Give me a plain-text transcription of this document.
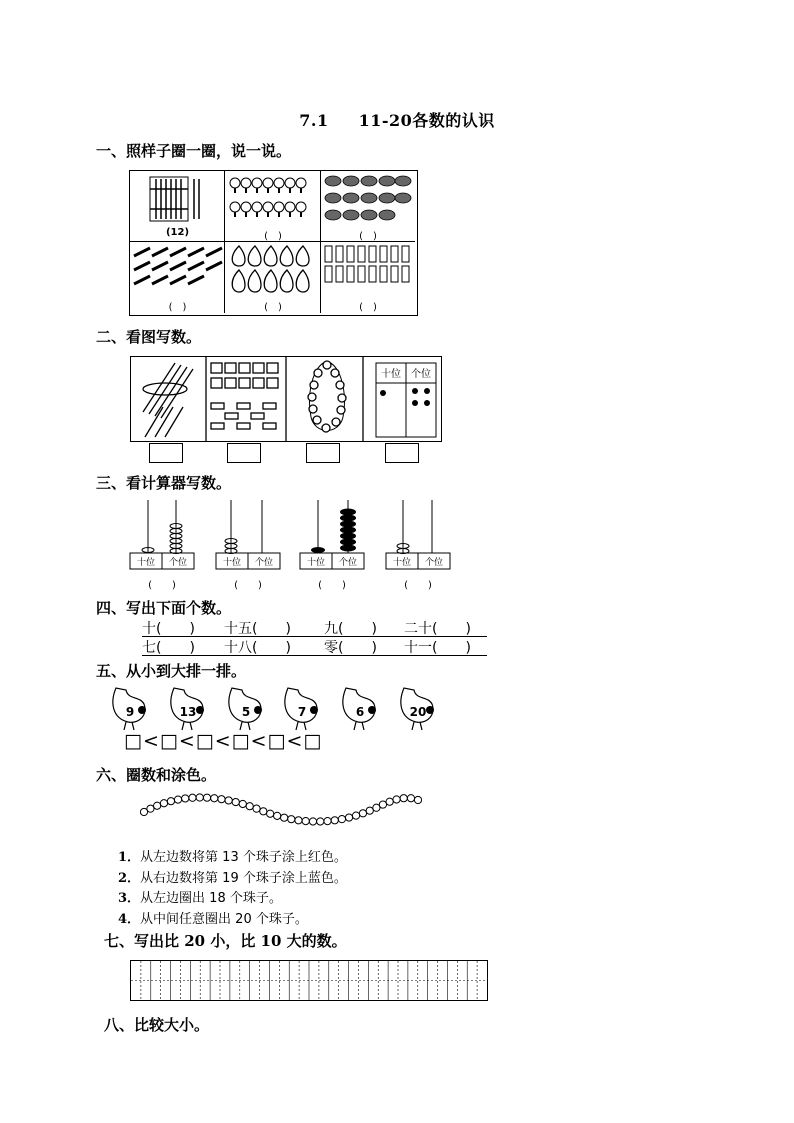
7.1 11-20各数的认识
一、照样子圈一圈，说一说。
(12)	(　)	(　)
(　)	(　)	(　)
二、看图写数。
十位 个位
三、看计算器写数。
十位 个位	十位 个位	十位 个位	十位 个位
(　　)	(　　)	(　　)	(　　)
四、写出下面个数。
十(　　) 十五(　　) 九(　　) 二十(　　)
七(　　) 十八(　　) 零(　　) 十一(　　)
五、从小到大排一排。
9	13	5	7	6	20
□<□<□<□<□<□
六、圈数和涂色。
1．从左边数将第 13 个珠子涂上红色。
2．从右边数将第 19 个珠子涂上蓝色。
3．从左边圈出 18 个珠子。
4．从中间任意圈出 20 个珠子。
七、写出比 20 小，比 10 大的数。
八、比较大小。
